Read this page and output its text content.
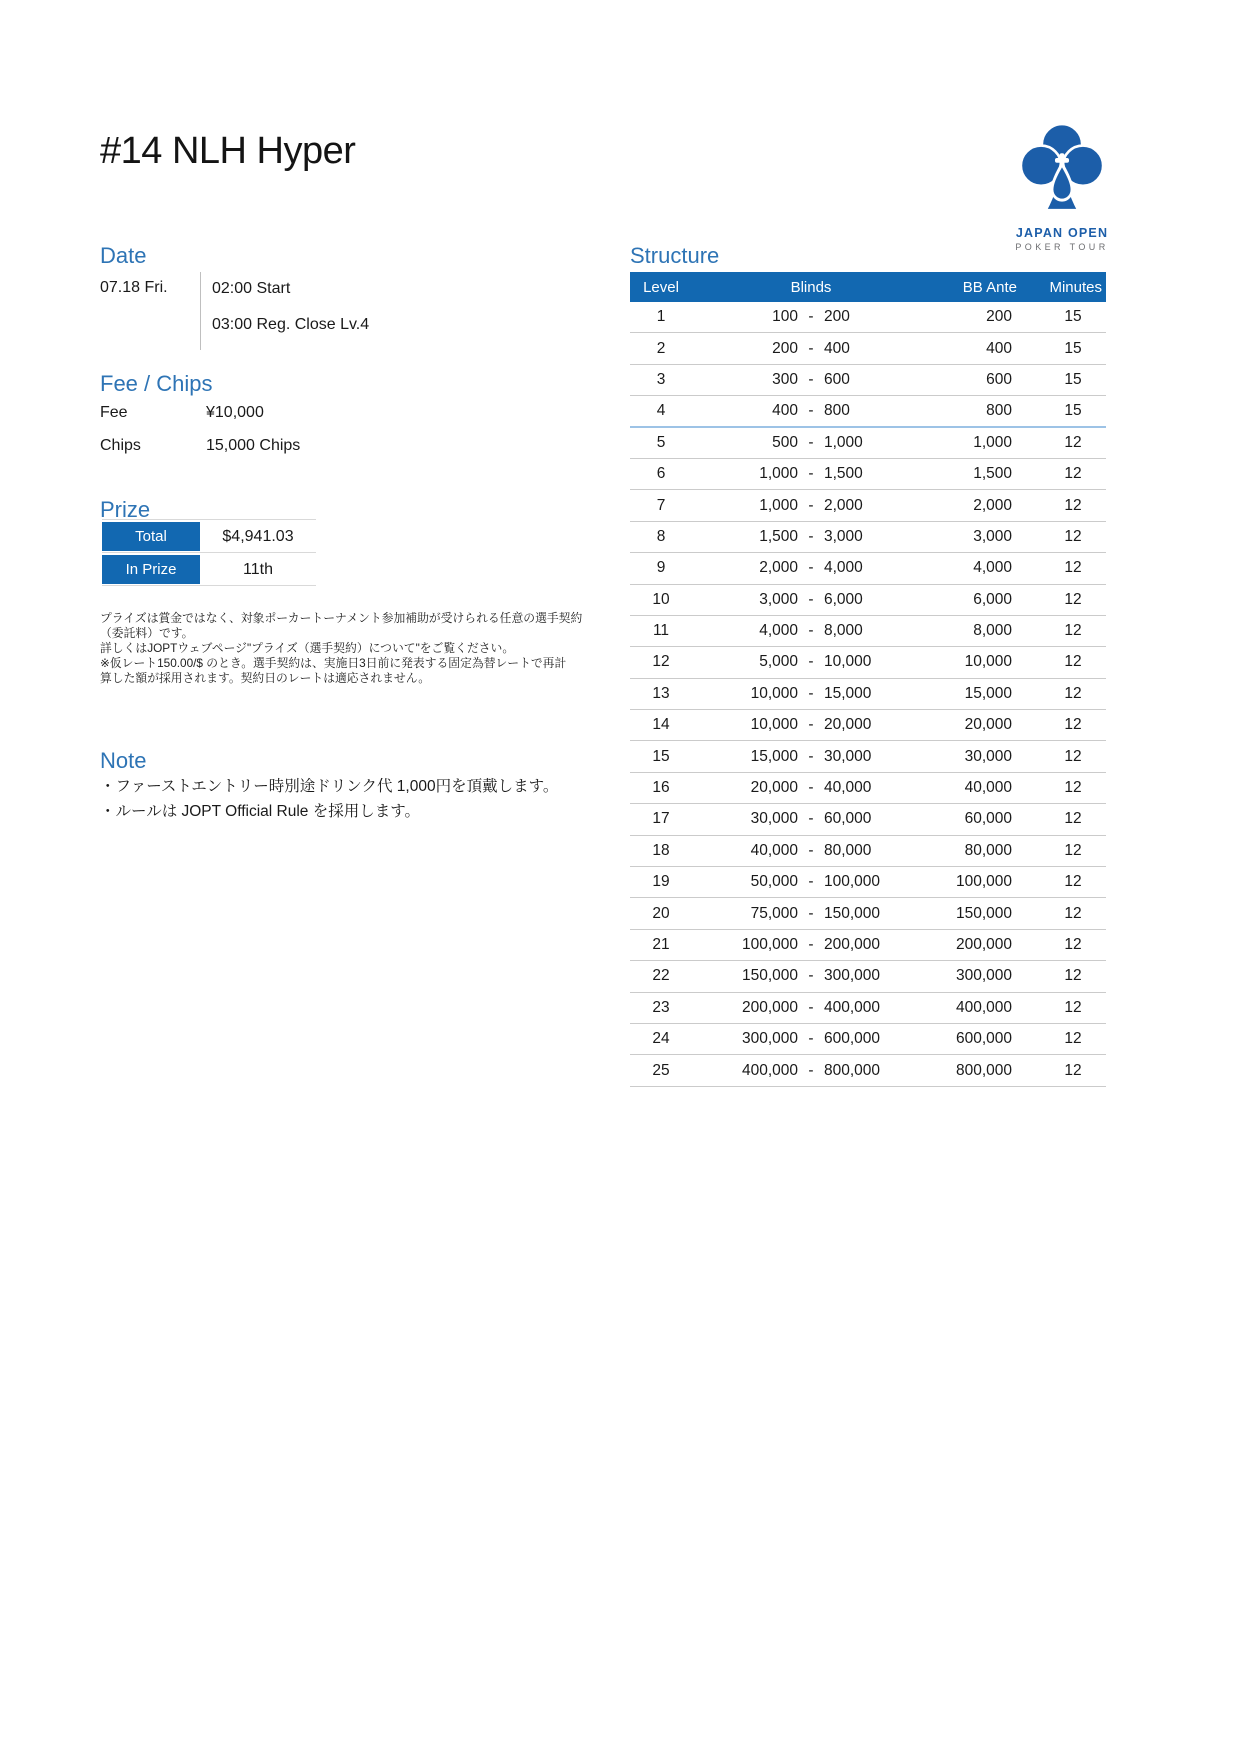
#14 NLH Hyper
JAPAN OPEN
POKER TOUR
Date
07.18 Fri.	02:00 Start
03:00 Reg. Close Lv.4
Fee / Chips
Fee	¥10,000
Chips	15,000 Chips
Prize
Total	$4,941.03
In Prize	11th
プライズは賞金ではなく、対象ポーカートーナメント参加補助が受けられる任意の選手契約
（委託料）です。
詳しくはJOPTウェブページ"プライズ（選手契約）について"をご覧ください。
※仮レート150.00/$ のとき。選手契約は、実施日3日前に発表する固定為替レートで再計
算した額が採用されます。契約日のレートは適応されません。
Note
・ファーストエントリー時別途ドリンク代 1,000円を頂戴します。
・ルールは JOPT Official Rule を採用します。
Structure
Level	Blinds	BB Ante	Minutes
1	100 - 200	200	15
2	200 - 400	400	15
3	300 - 600	600	15
4	400 - 800	800	15
5	500 - 1,000	1,000	12
6	1,000 - 1,500	1,500	12
7	1,000 - 2,000	2,000	12
8	1,500 - 3,000	3,000	12
9	2,000 - 4,000	4,000	12
10	3,000 - 6,000	6,000	12
11	4,000 - 8,000	8,000	12
12	5,000 - 10,000	10,000	12
13	10,000 - 15,000	15,000	12
14	10,000 - 20,000	20,000	12
15	15,000 - 30,000	30,000	12
16	20,000 - 40,000	40,000	12
17	30,000 - 60,000	60,000	12
18	40,000 - 80,000	80,000	12
19	50,000 - 100,000	100,000	12
20	75,000 - 150,000	150,000	12
21	100,000 - 200,000	200,000	12
22	150,000 - 300,000	300,000	12
23	200,000 - 400,000	400,000	12
24	300,000 - 600,000	600,000	12
25	400,000 - 800,000	800,000	12
